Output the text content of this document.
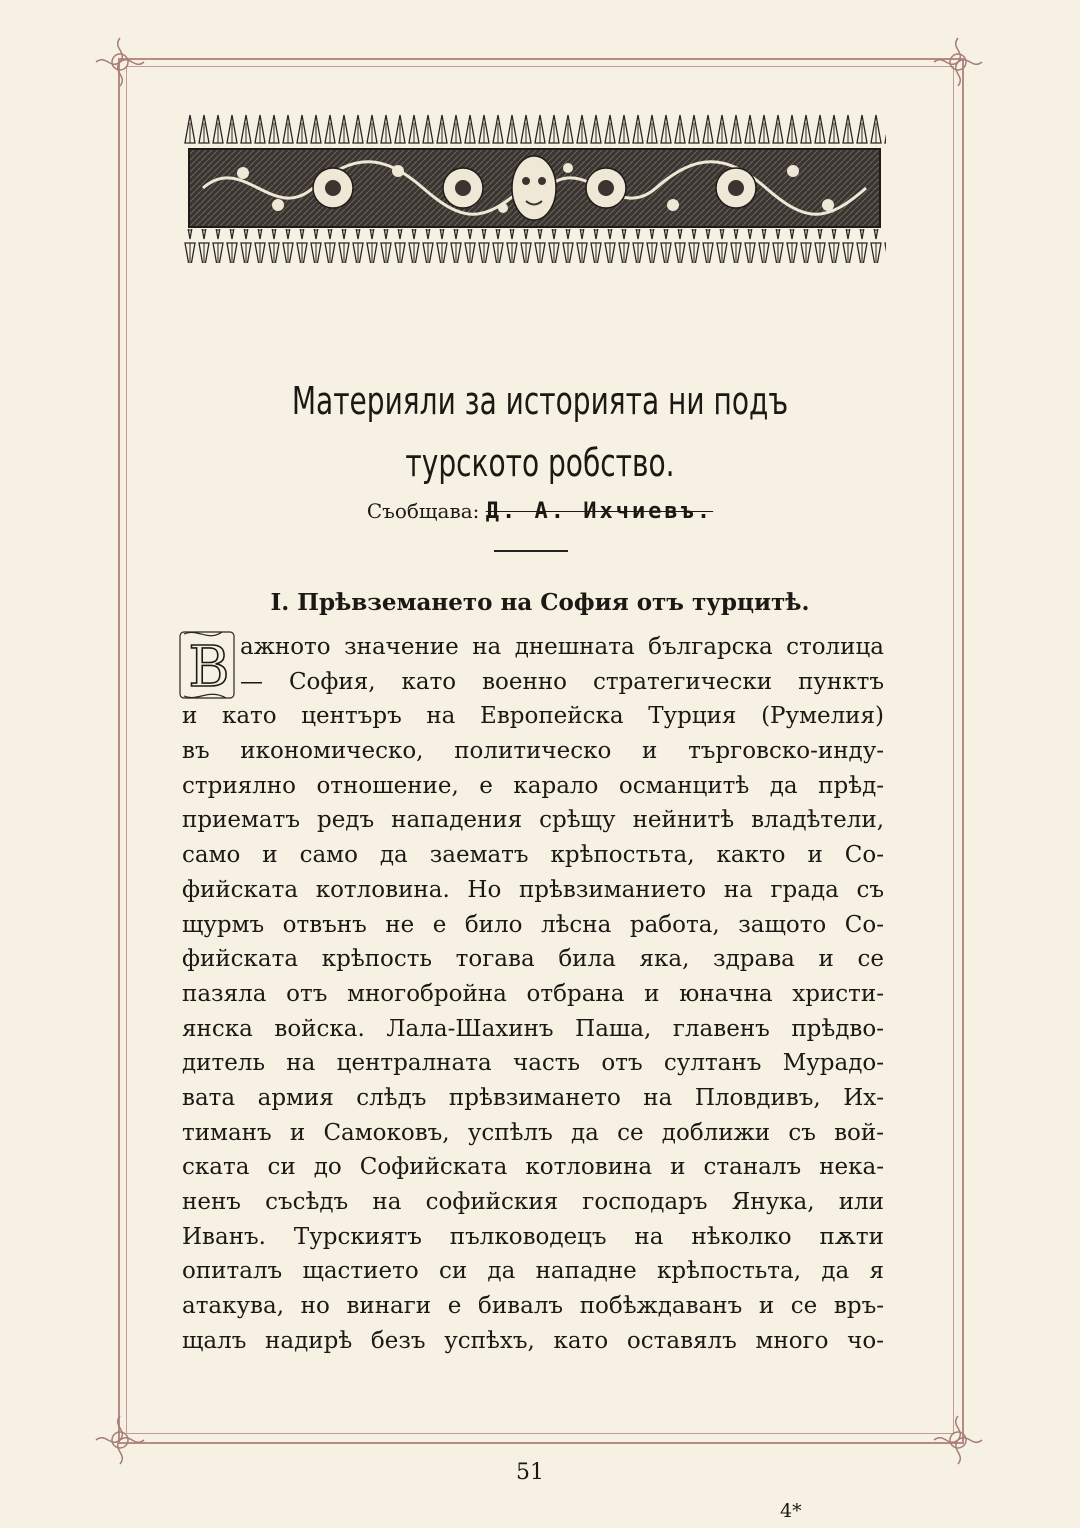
Материяли за историята ни подъ
турското робство.
Съобщава: Д. А. Ихчиевъ.
I. Прѣвземането на София отъ турцитѣ.
В ажното значение на днешната българска столица
— София, като военно стратегически пунктъ
и като центъръ на Европейска Турция (Румелия)
въ икономическо, политическо и търговско-инду-
стриялно отношение, е карало османцитѣ да прѣд-
приематъ редъ нападения срѣщу нейнитѣ владѣтели,
само и само да заематъ крѣпостьта, както и Со-
фийската котловина. Но прѣвзиманието на града съ
щурмъ отвънъ не е било лѣсна работа, защото Со-
фийската крѣпость тогава била яка, здрава и се
пазяла отъ многобройна отбрана и юначна христи-
янска войска. Лала-Шахинъ Паша, главенъ прѣдво-
дитель на централната часть отъ султанъ Мурадо-
вата армия слѣдъ прѣвзимането на Пловдивъ, Их-
тиманъ и Самоковъ, успѣлъ да се доближи съ вой-
ската си до Софийската котловина и станалъ нека-
ненъ съсѣдъ на софийския господаръ Янука, или
Иванъ. Турскиятъ пълководецъ на нѣколко пѫти
опиталъ щастието си да нападне крѣпостьта, да я
атакува, но винаги е бивалъ побѣждаванъ и се връ-
щалъ надирѣ безъ успѣхъ, като оставялъ много чо-
51
4*
